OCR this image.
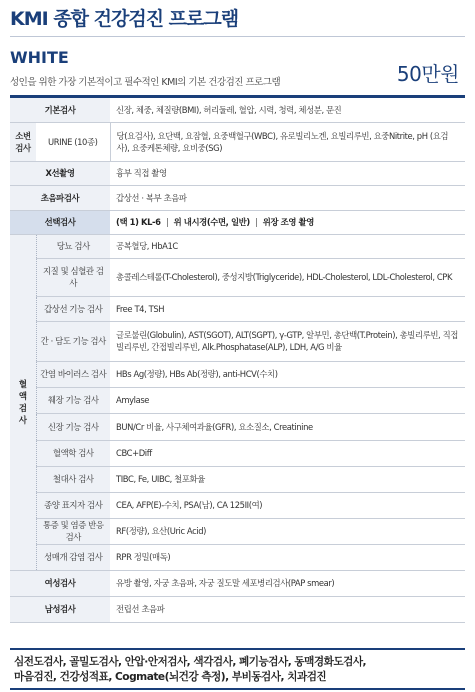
KMI 종합 건강검진 프로그램
WHITE
성인을 위한 가장 기본적이고 필수적인 KMI의 기본 건강검진 프로그램	50만원
기본검사		신장, 체중, 체질량(BMI), 허리둘레, 혈압, 시력, 청력, 체성분, 문진
소변검사	URINE (10종)	당(요검사), 요단백, 요잠혈, 요중백혈구(WBC), 유로빌리노겐, 요빌리루빈, 요중Nitrite, pH (요검사), 요중케톤체량, 요비중(SG)
X선촬영		흉부 직접 촬영
초음파검사		갑상선 · 복부 초음파
선택검사		(택 1) KL-6 위 내시경(수면, 일반) 위장 조영 촬영
혈
액
검
사	당뇨 검사	공복혈당, HbA1C
	지질 및 심혈관 검사	총콜레스테롤(T-Cholesterol), 중성지방(Triglyceride), HDL-Cholesterol, LDL-Cholesterol, CPK
	갑상선 기능 검사	Free T4, TSH
	간 · 담도 기능 검사	글로불린(Globulin), AST(SGOT), ALT(SGPT), γ-GTP, 알부민, 총단백(T.Protein), 총빌리루빈, 직접빌리루빈, 간접빌리루빈, Alk.Phosphatase(ALP), LDH, A/G 비율
	간염 바이러스 검사	HBs Ag(정량), HBs Ab(정량), anti-HCV(수치)
	췌장 기능 검사	Amylase
	신장 기능 검사	BUN/Cr 비율, 사구체여과율(GFR), 요소질소, Creatinine
	혈액학 검사	CBC+Diff
	철대사 검사	TIBC, Fe, UIBC, 철포화율
	종양 표지자 검사	CEA, AFP(E)-수치, PSA(남), CA 125II(여)
	통증 및 염증 반응 검사	RF(정량), 요산(Uric Acid)
	성매개 감염 검사	RPR 정밀(매독)
여성검사		유방 촬영, 자궁 초음파, 자궁 질도말 세포병리검사(PAP smear)
남성검사		전립선 초음파
심전도검사, 골밀도검사, 안압·안저검사, 색각검사, 폐기능검사, 동맥경화도검사,
마음검진, 건강성적표, Cogmate(뇌건강 측정), 부비동검사, 치과검진
